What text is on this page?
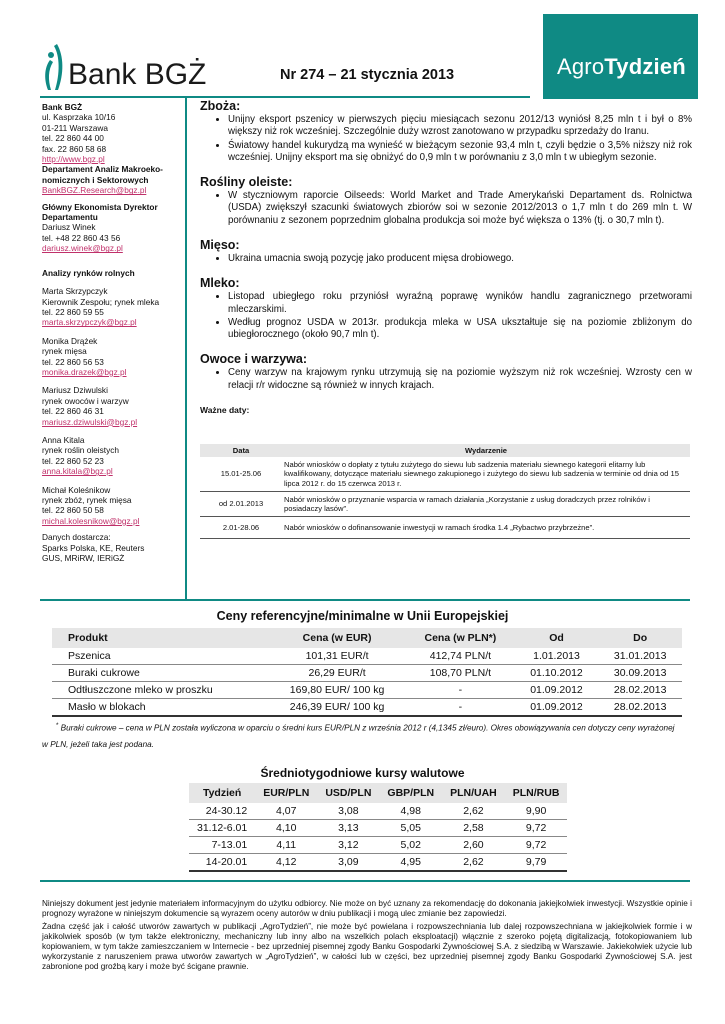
Bank BGŻ	AgroTydzień
Nr 274 – 21 stycznia 2013

Bank BGŻ

ul. Kasprzaka 10/16

01-211 Warszawa

tel. 22 860 44 00

fax. 22 860 58 68

http://www.bgz.pl

Departament Analiz Makroeko-nomicznych i Sektorowych

BankBGZ.Research@bgz.pl

Główny Ekonomista Dyrektor Departamentu

Dariusz Winek

tel. +48 22 860 43 56

dariusz.winek@bgz.pl

Analizy rynków rolnych

Marta Skrzypczyk

Kierownik Zespołu; rynek mleka

tel. 22 860 59 55

marta.skrzypczyk@bgz.pl

Monika Drążek

rynek mięsa

tel. 22 860 56 53

monika.drazek@bgz.pl

Mariusz Dziwulski

rynek owoców i warzyw

tel. 22 860 46 31

mariusz.dziwulski@bgz.pl

Anna Kitala

rynek roślin oleistych

tel. 22 860 52 23

anna.kitala@bgz.pl

Michał Koleśnikow

rynek zbóż, rynek mięsa

tel. 22 860 50 58

michal.kolesnikow@bgz.pl

Danych dostarcza:

Sparks Polska, KE, Reuters

GUS, MRiRW, IERiGŻ

Zboża:
• Unijny eksport pszenicy w pierwszych pięciu miesiącach sezonu 2012/13 wyniósł 8,25 mln t i był o 8% większy niż rok wcześniej. Szczególnie duży wzrost zanotowano w przypadku sprzedaży do Iranu.
• Światowy handel kukurydzą ma wynieść w bieżącym sezonie 93,4 mln t, czyli będzie o 3,5% niższy niż rok wcześniej. Unijny eksport ma się obniżyć do 0,9 mln t w porównaniu z 3,0 mln t w ubiegłym sezonie.
Rośliny oleiste:
• W styczniowym raporcie Oilseeds: World Market and Trade Amerykański Departament ds. Rolnictwa (USDA) zwiększył szacunki światowych zbiorów soi w sezonie 2012/2013 o 1,7 mln t do 269 mln t. W porównaniu z sezonem poprzednim globalna produkcja soi może być większa o 13% (tj. o 30,7 mln t).
Mięso:
• Ukraina umacnia swoją pozycję jako producent mięsa drobiowego.
Mleko:
• Listopad ubiegłego roku przyniósł wyraźną poprawę wyników handlu zagranicznego przetworami mleczarskimi.
• Według prognoz USDA w 2013r. produkcja mleka w USA ukształtuje się na poziomie zbliżonym do ubiegłorocznego (około 90,7 mln t).
Owoce i warzywa:
• Ceny warzyw na krajowym rynku utrzymują się na poziomie wyższym niż rok wcześniej. Wzrosty cen w relacji r/r widoczne są również w innych krajach.
Ważne daty:
Data	Wydarzenie
15.01-25.06	Nabór wniosków o dopłaty z tytułu zużytego do siewu lub sadzenia materiału siewnego kategorii elitarny lub kwalifikowany, dotyczące materiału siewnego zakupionego i zużytego do siewu lub sadzenia w terminie od dnia od 15 lipca 2012 r. do 15 czerwca 2013 r.
od 2.01.2013	Nabór wniosków o przyznanie wsparcia w ramach działania „Korzystanie z usług doradczych przez rolników i posiadaczy lasów”.
2.01-28.06	Nabór wniosków o dofinansowanie inwestycji w ramach środka 1.4 „Rybactwo przybrzeżne”.
Ceny referencyjne/minimalne w Unii Europejskiej
Produkt	Cena (w EUR)	Cena (w PLN*)	Od	Do
Pszenica	101,31 EUR/t	412,74 PLN/t	1.01.2013	31.01.2013
Buraki cukrowe	26,29 EUR/t	108,70 PLN/t	01.10.2012	30.09.2013
Odtłuszczone mleko w proszku	169,80 EUR/ 100 kg	-	01.09.2012	28.02.2013
Masło w blokach	246,39 EUR/ 100 kg	-	01.09.2012	28.02.2013
* Buraki cukrowe – cena w PLN została wyliczona w oparciu o średni kurs EUR/PLN z września 2012 r (4,1345 zł/euro). Okres obowiązywania cen dotyczy ceny wyrażonej w PLN, jeżeli taka jest podana.
Średniotygodniowe kursy walutowe
Tydzień	EUR/PLN	USD/PLN	GBP/PLN	PLN/UAH	PLN/RUB
24-30.12	4,07	3,08	4,98	2,62	9,90
31.12-6.01	4,10	3,13	5,05	2,58	9,72
7-13.01	4,11	3,12	5,02	2,60	9,72
14-20.01	4,12	3,09	4,95	2,62	9,79

Niniejszy dokument jest jedynie materiałem informacyjnym do użytku odbiorcy. Nie może on być uznany za rekomendację do dokonania jakiejkolwiek inwestycji. Wszystkie opinie i prognozy wyrażone w niniejszym dokumencie są wyrazem oceny autorów w dniu publikacji i mogą ulec zmianie bez zapowiedzi.

Żadna część jak i całość utworów zawartych w publikacji „AgroTydzień”, nie może być powielana i rozpowszechniania lub dalej rozpowszechniana w jakiejkolwiek formie i w jakikolwiek sposób (w tym także elektroniczny, mechaniczny lub inny albo na wszelkich polach eksploatacji) włącznie z szeroko pojętą digitalizacją, fotokopiowaniem lub kopiowaniem, w tym także zamieszczaniem w Internecie - bez uprzedniej pisemnej zgody Banku Gospodarki Żywnościowej S.A. z siedzibą w Warszawie. Jakiekolwiek użycie lub wykorzystanie z naruszeniem prawa utworów zawartych w „AgroTydzień”, w całości lub w części, bez uprzedniej pisemnej zgody Banku Gospodarki Żywnościowej S.A. jest zabronione pod groźbą kary i może być ścigane prawnie.
